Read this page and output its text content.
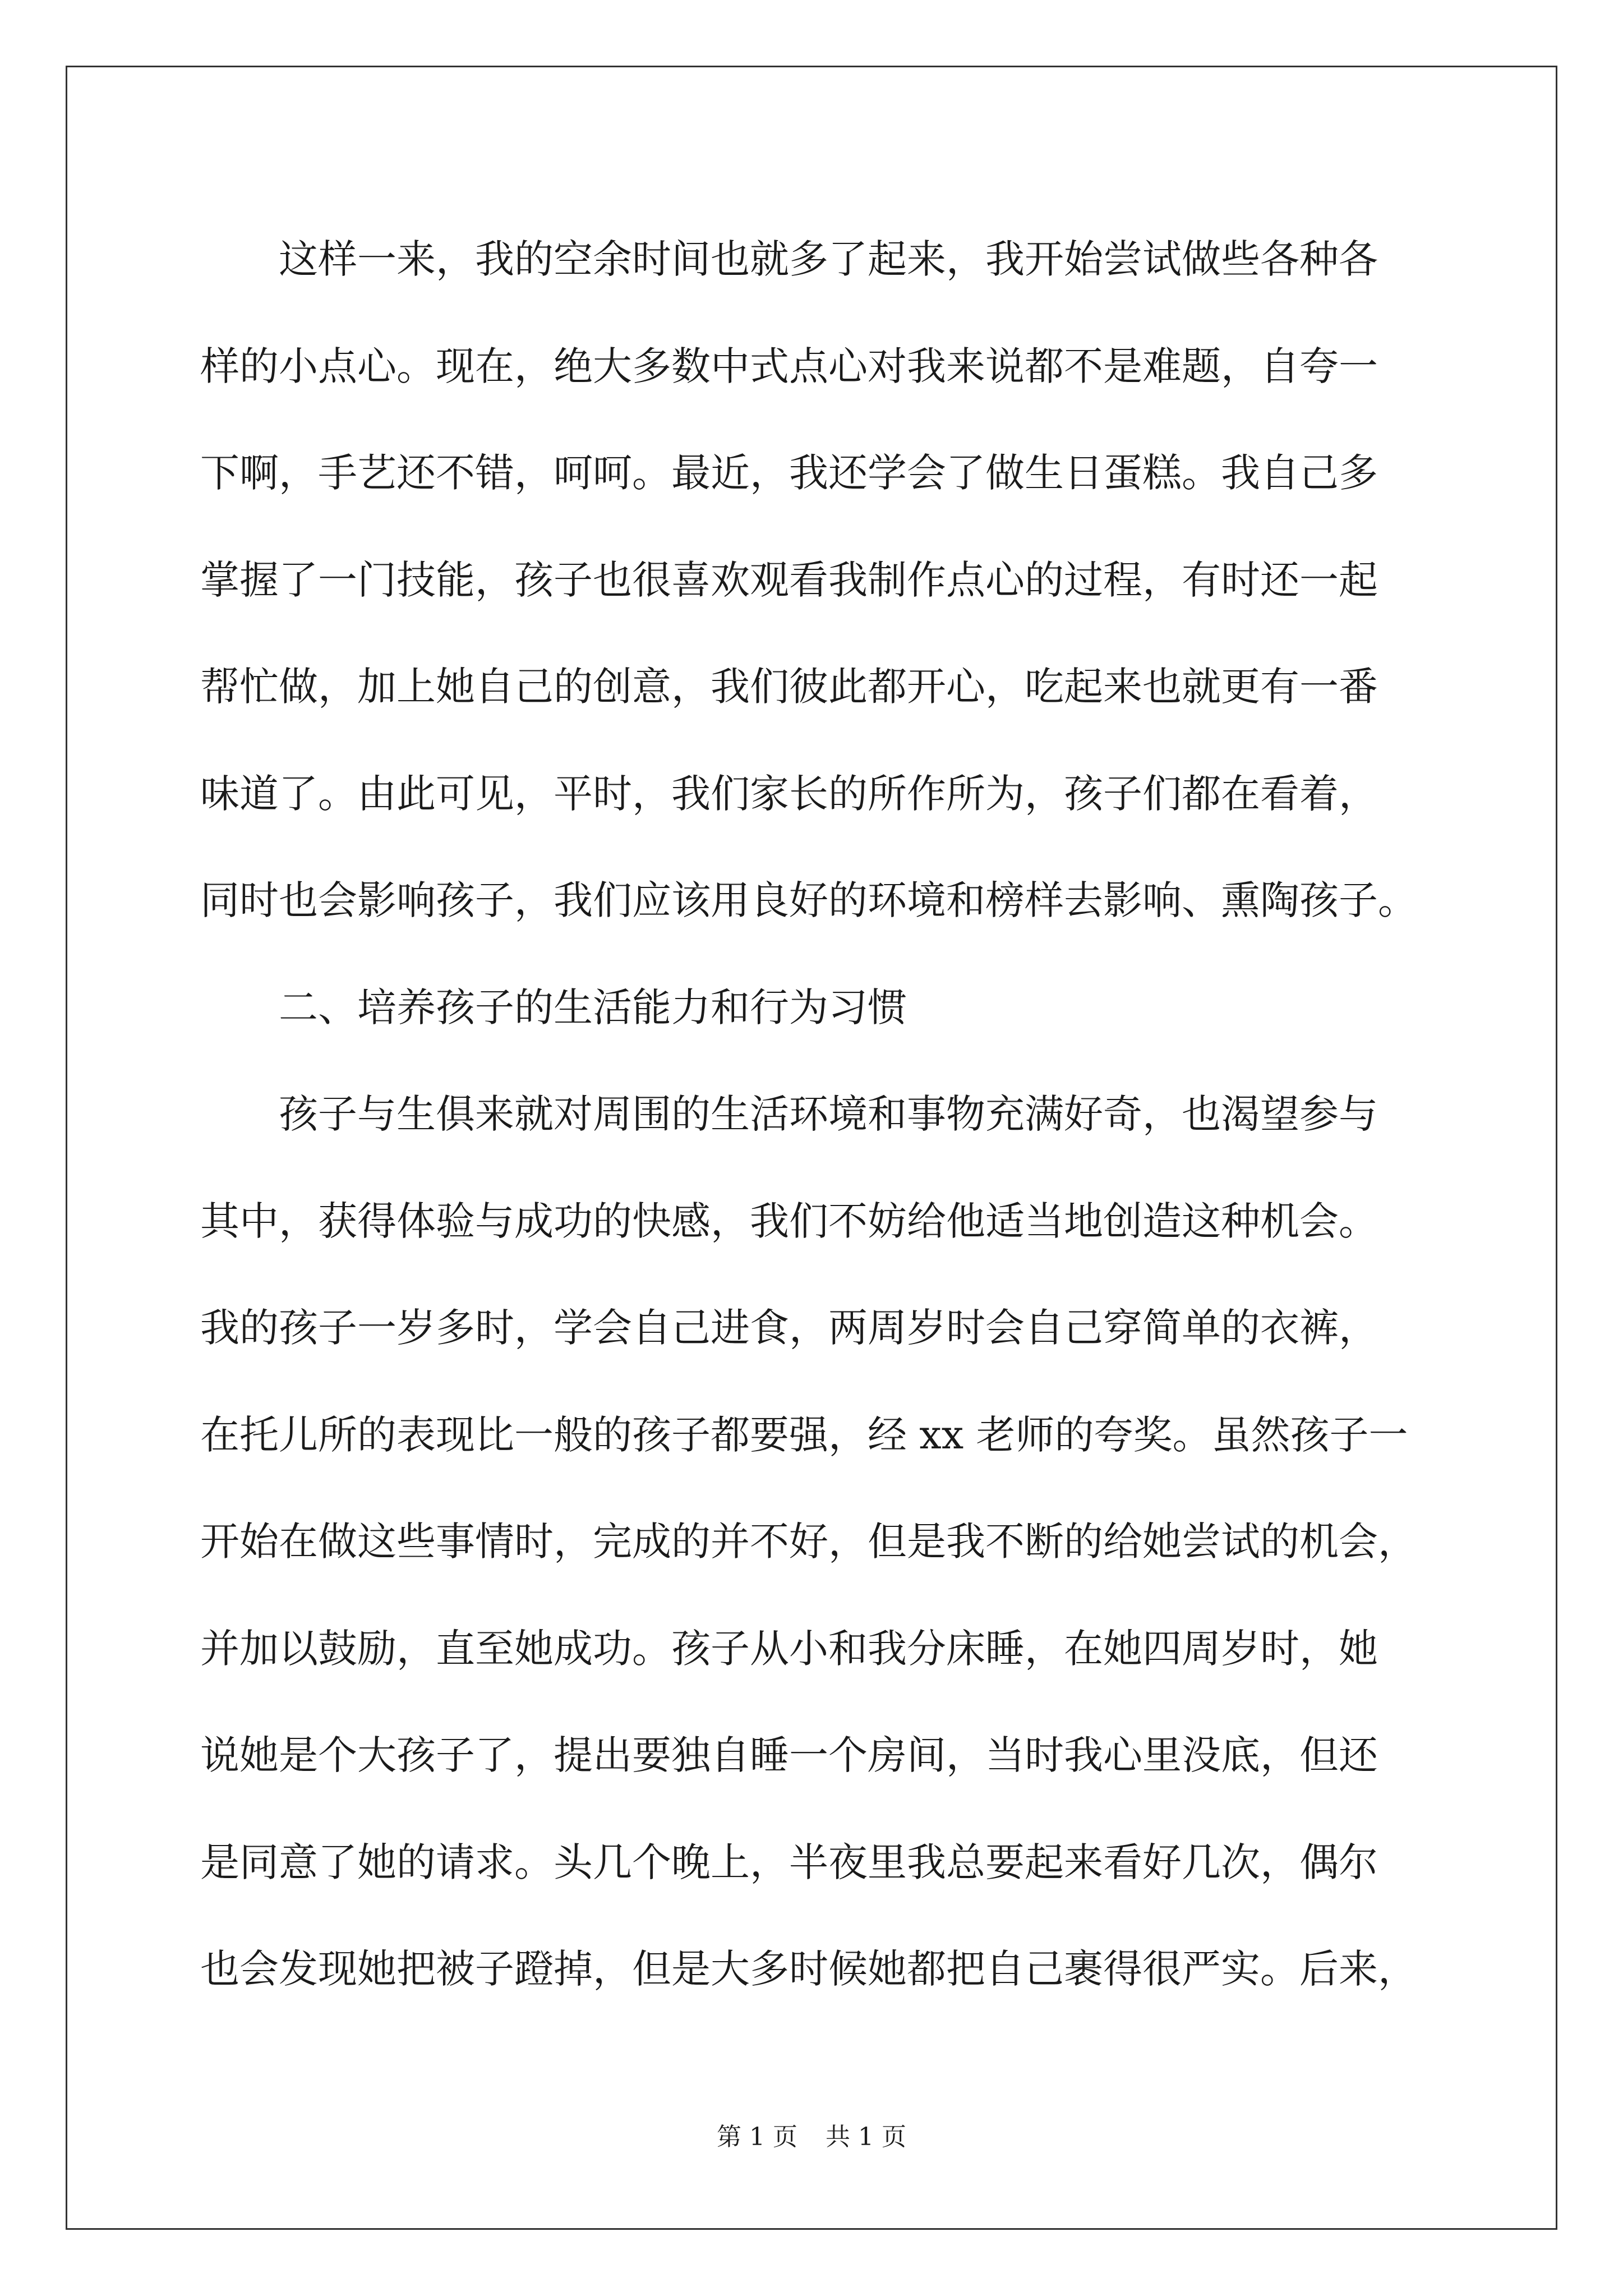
这样一来，我的空余时间也就多了起来，我开始尝试做些各种各
样的小点心。现在，绝大多数中式点心对我来说都不是难题，自夸一
下啊，手艺还不错，呵呵。最近，我还学会了做生日蛋糕。我自己多
掌握了一门技能，孩子也很喜欢观看我制作点心的过程，有时还一起
帮忙做，加上她自己的创意，我们彼此都开心，吃起来也就更有一番
味道了。由此可见，平时，我们家长的所作所为，孩子们都在看着，
同时也会影响孩子，我们应该用良好的环境和榜样去影响、熏陶孩子。
二、培养孩子的生活能力和行为习惯
孩子与生俱来就对周围的生活环境和事物充满好奇，也渴望参与
其中，获得体验与成功的快感，我们不妨给他适当地创造这种机会。
我的孩子一岁多时，学会自己进食，两周岁时会自己穿简单的衣裤，
在托儿所的表现比一般的孩子都要强，经 xx 老师的夸奖。虽然孩子一
开始在做这些事情时，完成的并不好，但是我不断的给她尝试的机会，
并加以鼓励，直至她成功。孩子从小和我分床睡，在她四周岁时，她
说她是个大孩子了，提出要独自睡一个房间，当时我心里没底，但还
是同意了她的请求。头几个晚上，半夜里我总要起来看好几次，偶尔
也会发现她把被子蹬掉，但是大多时候她都把自己裹得很严实。后来，
第 1 页 共 1 页
